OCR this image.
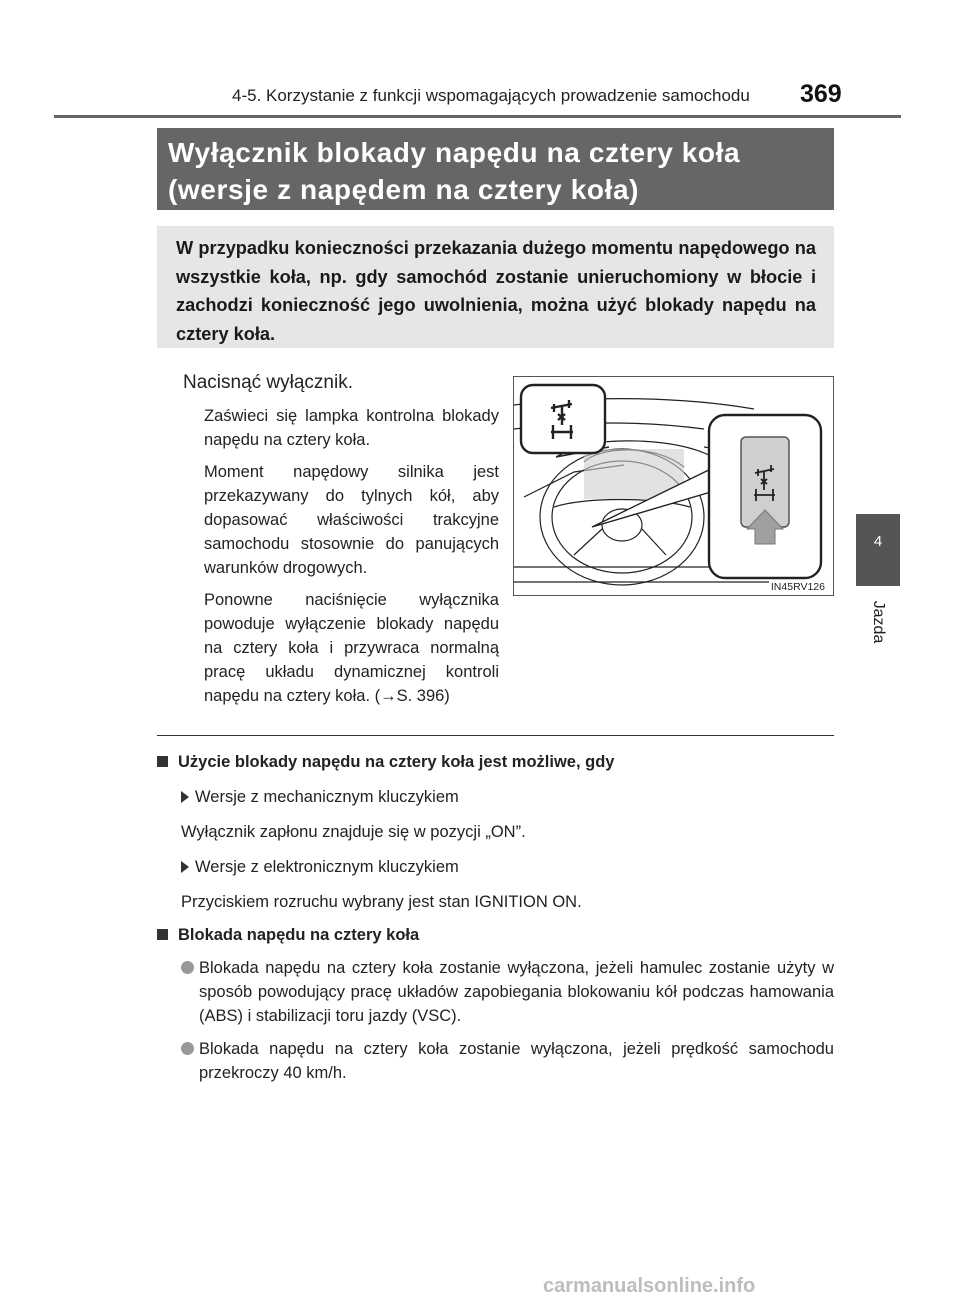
4-5. Korzystanie z funkcji wspomagających prowadzenie samochodu 369
4
Jazda
Wyłącznik blokady napędu na cztery koła
(wersje z napędem na cztery koła)
W przypadku konieczności przekazania dużego momentu napędowego na wszystkie koła, np. gdy samochód zostanie unieruchomiony w błocie i zachodzi konieczność jego uwolnienia, można użyć blokady napędu na cztery koła.
Nacisnąć wyłącznik.

Zaświeci się lampka kontrolna blokady napędu na cztery koła.

Moment napędowy silnika jest przekazywany do tylnych kół, aby dopasować właściwości trakcyjne samochodu stosownie do panujących warunków drogowych.

Ponowne naciśnięcie wyłącznika powoduje wyłączenie blokady napędu na cztery koła i przywraca normalną pracę układu dynamicznej kontroli napędu na cztery koła. (→S. 396)

IN45RV126
Użycie blokady napędu na cztery koła jest możliwe, gdy
Wersje z mechanicznym kluczykiem
Wyłącznik zapłonu znajduje się w pozycji „ON”.
Wersje z elektronicznym kluczykiem
Przyciskiem rozruchu wybrany jest stan IGNITION ON.
Blokada napędu na cztery koła
Blokada napędu na cztery koła zostanie wyłączona, jeżeli hamulec zostanie użyty w sposób powodujący pracę układów zapobiegania blokowaniu kół podczas hamowania (ABS) i stabilizacji toru jazdy (VSC).
Blokada napędu na cztery koła zostanie wyłączona, jeżeli prędkość samochodu przekroczy 40 km/h.
carmanualsonline.info
